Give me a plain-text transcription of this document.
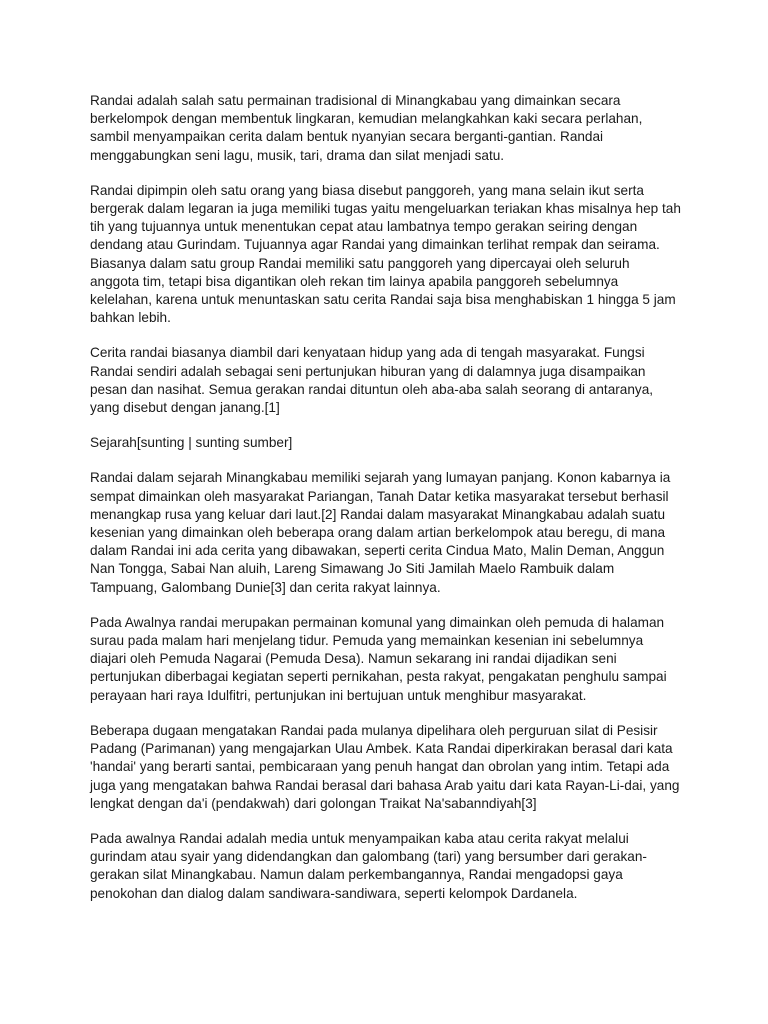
Randai adalah salah satu permainan tradisional di Minangkabau yang dimainkan secara berkelompok dengan membentuk lingkaran, kemudian melangkahkan kaki secara perlahan, sambil menyampaikan cerita dalam bentuk nyanyian secara berganti-gantian. Randai menggabungkan seni lagu, musik, tari, drama dan silat menjadi satu.

Randai dipimpin oleh satu orang yang biasa disebut panggoreh, yang mana selain ikut serta bergerak dalam legaran ia juga memiliki tugas yaitu mengeluarkan teriakan khas misalnya hep tah tih yang tujuannya untuk menentukan cepat atau lambatnya tempo gerakan seiring dengan dendang atau Gurindam. Tujuannya agar Randai yang dimainkan terlihat rempak dan seirama. Biasanya dalam satu group Randai memiliki satu panggoreh yang dipercayai oleh seluruh anggota tim, tetapi bisa digantikan oleh rekan tim lainya apabila panggoreh sebelumnya kelelahan, karena untuk menuntaskan satu cerita Randai saja bisa menghabiskan 1 hingga 5 jam bahkan lebih.

Cerita randai biasanya diambil dari kenyataan hidup yang ada di tengah masyarakat. Fungsi Randai sendiri adalah sebagai seni pertunjukan hiburan yang di dalamnya juga disampaikan pesan dan nasihat. Semua gerakan randai dituntun oleh aba-aba salah seorang di antaranya, yang disebut dengan janang.[1]

Sejarah[sunting | sunting sumber]

Randai dalam sejarah Minangkabau memiliki sejarah yang lumayan panjang. Konon kabarnya ia sempat dimainkan oleh masyarakat Pariangan, Tanah Datar ketika masyarakat tersebut berhasil menangkap rusa yang keluar dari laut.[2] Randai dalam masyarakat Minangkabau adalah suatu kesenian yang dimainkan oleh beberapa orang dalam artian berkelompok atau beregu, di mana dalam Randai ini ada cerita yang dibawakan, seperti cerita Cindua Mato, Malin Deman, Anggun Nan Tongga, Sabai Nan aluih, Lareng Simawang Jo Siti Jamilah Maelo Rambuik dalam Tampuang, Galombang Dunie[3] dan cerita rakyat lainnya.

Pada Awalnya randai merupakan permainan komunal yang dimainkan oleh pemuda di halaman surau pada malam hari menjelang tidur. Pemuda yang memainkan kesenian ini sebelumnya diajari oleh Pemuda Nagarai (Pemuda Desa). Namun sekarang ini randai dijadikan seni pertunjukan diberbagai kegiatan seperti pernikahan, pesta rakyat, pengakatan penghulu sampai perayaan hari raya Idulfitri, pertunjukan ini bertujuan untuk menghibur masyarakat.

Beberapa dugaan mengatakan Randai pada mulanya dipelihara oleh perguruan silat di Pesisir Padang (Parimanan) yang mengajarkan Ulau Ambek. Kata Randai diperkirakan berasal dari kata 'handai' yang berarti santai, pembicaraan yang penuh hangat dan obrolan yang intim. Tetapi ada juga yang mengatakan bahwa Randai berasal dari bahasa Arab yaitu dari kata Rayan-Li-dai, yang lengkat dengan da'i (pendakwah) dari golongan Traikat Na'sabanndiyah[3]

Pada awalnya Randai adalah media untuk menyampaikan kaba atau cerita rakyat melalui gurindam atau syair yang didendangkan dan galombang (tari) yang bersumber dari gerakan-gerakan silat Minangkabau. Namun dalam perkembangannya, Randai mengadopsi gaya penokohan dan dialog dalam sandiwara-sandiwara, seperti kelompok Dardanela.
